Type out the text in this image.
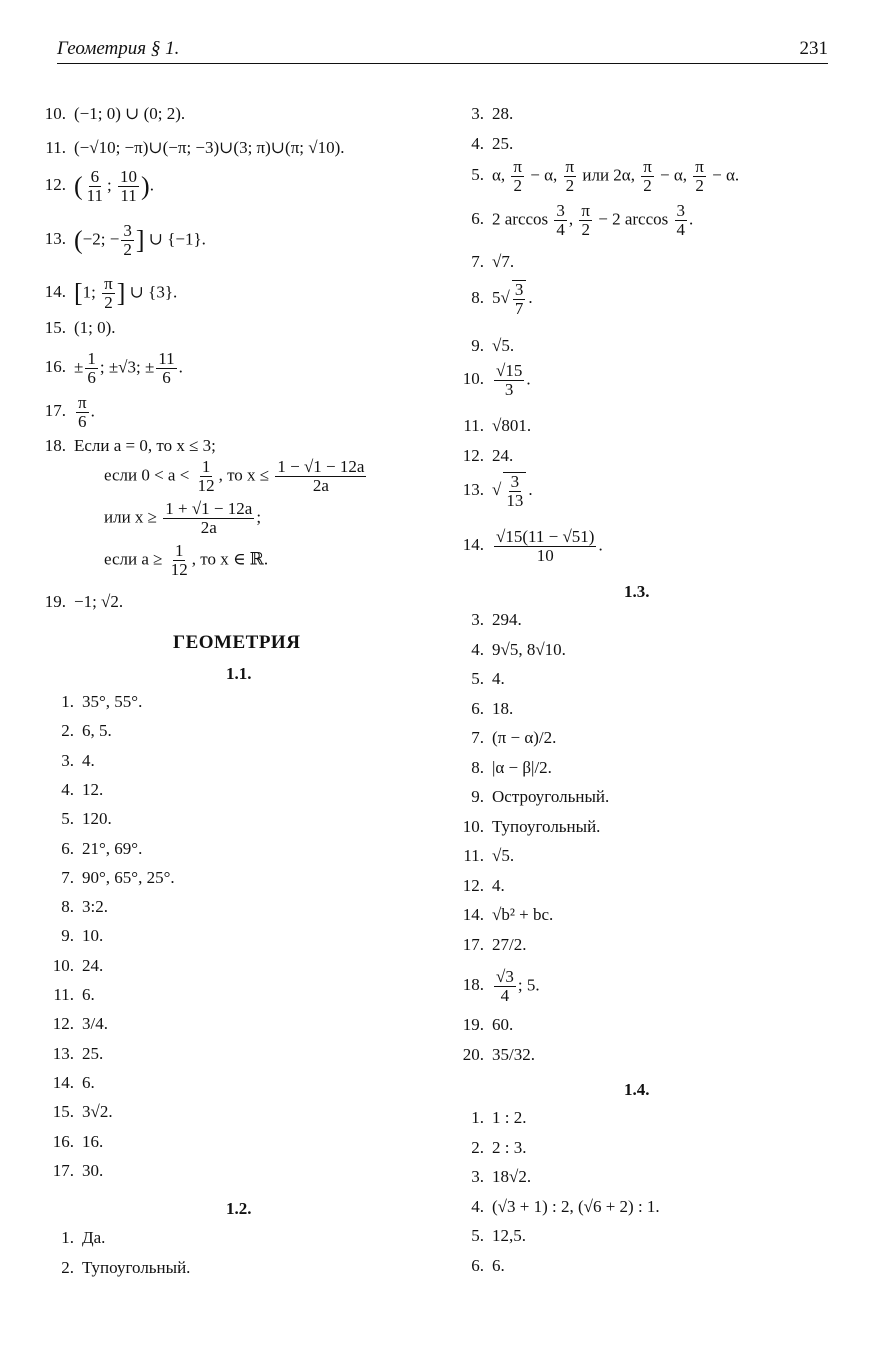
Геометрия § 1.	231
10. (−1; 0) ∪ (0; 2).
11. (−√10; −π)∪(−π; −3)∪(3; π)∪(π; √10).
12. ( $\frac{6}{11}$ ; $\frac{10}{11}$ ).
13. (−2; − $\frac{3}{2}$ ] ∪ {−1}.
14. [1; $\frac{\pi}{2}$ ] ∪ {3}.
15. (1; 0).
16. ± $\frac{1}{6}$ ; ±√3; ± $\frac{11}{6}$ .
17. $\frac{\pi}{6}$ .
18. Если a = 0, то x ≤ 3;
если $0 < a < \frac{1}{12}$ , то $x \le \frac{1 - √1 - 12a}{2a}$
или $x \ge \frac{1 + √1 - 12a}{2a}$ ;
если $a \ge \frac{1}{12}$ , то x ∈ ℝ.
19. −1; √2.
ГЕОМЕТРИЯ
1.1.
1. 35°, 55°.
2. 6, 5.
3. 4.
4. 12.
5. 120.
6. 21°, 69°.
7. 90°, 65°, 25°.
8. 3:2.
9. 10.
10. 24.
11. 6.
12. 3/4.
13. 25.
14. 6.
15. 3√2.
16. 16.
17. 30.
1.2.
1. Да.
2. Тупоугольный.
3. 28.
4. 25.
5. α, $\frac{\pi}{2} - \alpha$, $\frac{\pi}{2}$ или 2α, $\frac{\pi}{2} - \alpha$, $\frac{\pi}{2} - \alpha$.
6. 2 $\arccos \frac{3}{4}$ , $\frac{\pi}{2} - 2$ $\arccos \frac{3}{4}$ .
7. √7.
8. $5√ \frac{3}{7}$ .
9. √5.
10. $\frac{√15}{3}$ .
11. √801.
12. 24.
13. √ $\frac{3}{13}$ .
14. $\frac{√15(11 - √51)}{10}$ .
1.3.
3. 294.
4. 9√5, 8√10.
5. 4.
6. 18.
7. (π − α)/2.
8. |α − β|/2.
9. Остроугольный.
10. Тупоугольный.
11. √5.
12. 4.
14. √b² + bc.
17. 27/2.
18. $\frac{√3}{4}$ ; 5.
19. 60.
20. 35/32.
1.4.
1. 1 : 2.
2. 2 : 3.
3. 18√2.
4. (√3 + 1) : 2, (√6 + 2) : 1.
5. 12,5.
6. 6.
